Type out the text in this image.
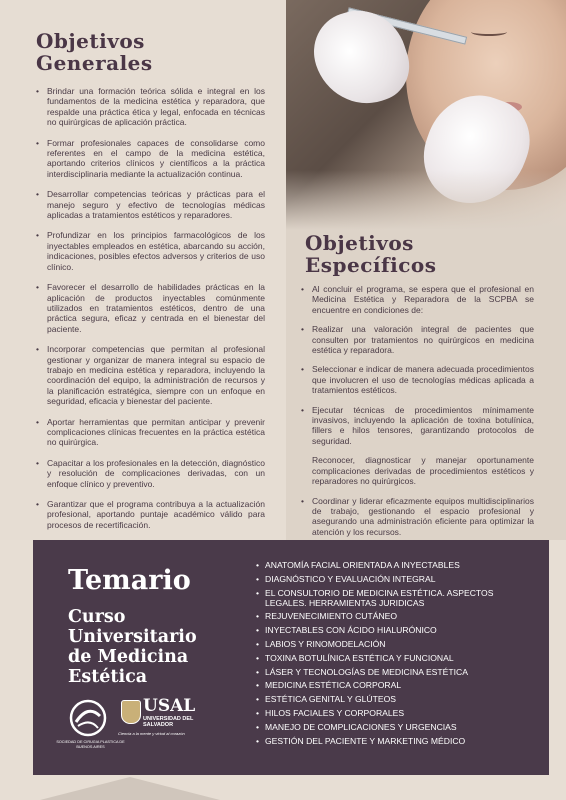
Objetivos
Generales
• Brindar una formación teórica sólida e integral en los fundamentos de la medicina estética y reparadora, que respalde una práctica ética y legal, enfocada en técnicas no quirúrgicas de aplicación práctica.
• Formar profesionales capaces de consolidarse como referentes en el campo de la medicina estética, aportando criterios clínicos y científicos a la práctica interdisciplinaria mediante la actualización continua.
• Desarrollar competencias teóricas y prácticas para el manejo seguro y efectivo de tecnologías médicas aplicadas a tratamientos estéticos y reparadores.
• Profundizar en los principios farmacológicos de los inyectables empleados en estética, abarcando su acción, indicaciones, posibles efectos adversos y criterios de uso clínico.
• Favorecer el desarrollo de habilidades prácticas en la aplicación de productos inyectables comúnmente utilizados en tratamientos estéticos, dentro de una práctica segura, eficaz y centrada en el bienestar del paciente.
• Incorporar competencias que permitan al profesional gestionar y organizar de manera integral su espacio de trabajo en medicina estética y reparadora, incluyendo la coordinación del equipo, la administración de recursos y la planificación estratégica, siempre con un enfoque en seguridad, eficacia y bienestar del paciente.
• Aportar herramientas que permitan anticipar y prevenir complicaciones clínicas frecuentes en la práctica estética no quirúrgica.
• Capacitar a los profesionales en la detección, diagnóstico y resolución de complicaciones derivadas, con un enfoque clínico y preventivo.
• Garantizar que el programa contribuya a la actualización profesional, aportando puntaje académico válido para procesos de recertificación.
Objetivos
Específicos
• Al concluir el programa, se espera que el profesional en Medicina Estética y Reparadora de la SCPBA se encuentre en condiciones de:
• Realizar una valoración integral de pacientes que consulten por tratamientos no quirúrgicos en medicina estética y reparadora.
• Seleccionar e indicar de manera adecuada procedimientos que involucren el uso de tecnologías médicas aplicada a tratamientos estéticos.
• Ejecutar técnicas de procedimientos mínimamente invasivos, incluyendo la aplicación de toxina botulínica, fillers e hilos tensores, garantizando protocolos de seguridad.
Reconocer, diagnosticar y manejar oportunamente complicaciones derivadas de procedimientos estéticos y reparadores no quirúrgicos.
• Coordinar y liderar eficazmente equipos multidisciplinarios de trabajo, gestionando el espacio profesional y asegurando una administración eficiente para optimizar la atención y los recursos.
Temario
Curso
Universitario
de Medicina
Estética
SOCIEDAD DE CIRUGIA PLASTICA DE BUENOS AIRES
USAL
UNIVERSIDAD DEL SALVADOR
Ciencia a la mente y virtud al corazón
• ANATOMÍA FACIAL ORIENTADA A INYECTABLES
• DIAGNÓSTICO Y EVALUACIÓN INTEGRAL
• EL CONSULTORIO DE MEDICINA ESTÉTICA. ASPECTOS LEGALES. HERRAMIENTAS JURIDICAS
• REJUVENECIMIENTO CUTÁNEO
• INYECTABLES CON ÁCIDO HIALURÓNICO
• LABIOS Y RINOMODELACIÓN
• TOXINA BOTULÍNICA ESTÉTICA Y FUNCIONAL
• LÁSER Y TECNOLOGÍAS DE MEDICINA ESTÉTICA
• MEDICINA ESTÉTICA CORPORAL
• ESTÉTICA GENITAL Y GLÚTEOS
• HILOS FACIALES Y CORPORALES
• MANEJO DE COMPLICACIONES Y URGENCIAS
• GESTIÓN DEL PACIENTE Y MARKETING MÉDICO
